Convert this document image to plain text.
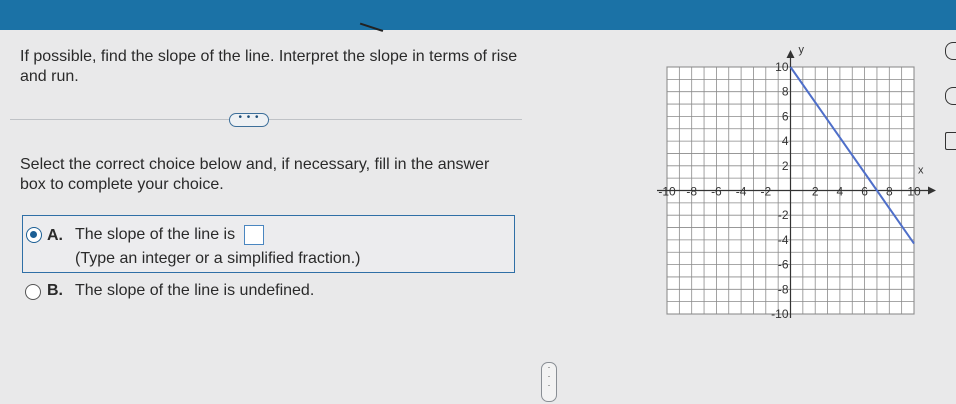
If possible, find the slope of the line. Interpret the slope in terms of rise and run.
• • •
Select the correct choice below and, if necessary, fill in the answer box to complete your choice.
A. The slope of the line is
(Type an integer or a simplified fraction.)
B. The slope of the line is undefined.
·
·
·
y
x
-10 -8 -6 -4 -2	2 4 6 8 10
10
8
6
4
2
-2
-4
-6
-8
-10
